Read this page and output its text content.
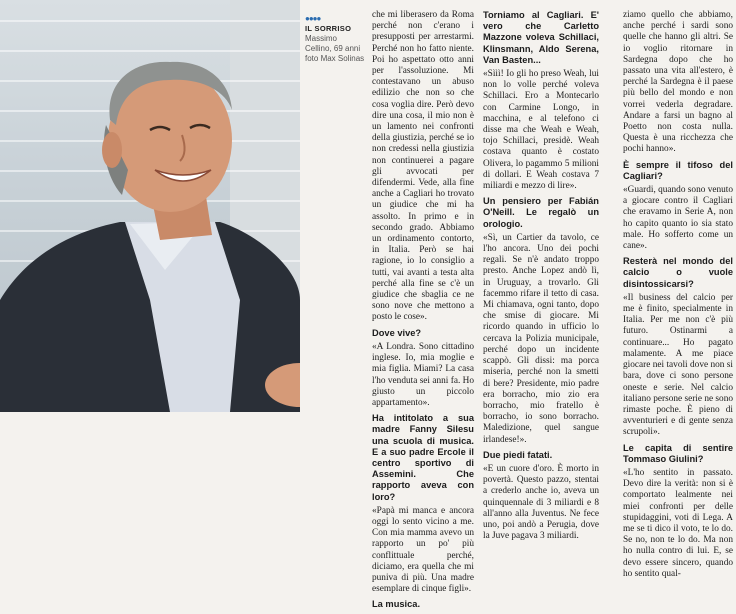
●●●●
IL SORRISO
Massimo Cellino, 69 anni foto Max Solinas

che mi liberasero da Roma perché non c'erano i presupposti per arrestarmi. Perché non ho fatto niente. Poi ho aspettato otto anni per l'assoluzione. Mi contestavano un abuso edilizio che non so che cosa voglia dire. Però devo dire una cosa, il mio non è un lamento nei confronti della giustizia, perché se io non credessi nella giustizia non continuerei a pagare gli avvocati per difendermi. Vede, alla fine anche a Cagliari ho trovato un giudice che mi ha assolto. In primo e in secondo grado. Abbiamo un ordinamento contorto, in Italia. Però se hai ragione, io lo consiglio a tutti, vai avanti a testa alta perché alla fine se c'è un giudice che sbaglia ce ne sono nove che mettono a posto le cose».

Dove vive?

«A Londra. Sono cittadino inglese. Io, mia moglie e mia figlia. Miami? La casa l'ho venduta sei anni fa. Ho giusto un piccolo appartamento».

Ha intitolato a sua madre Fanny Silesu una scuola di musica. E a suo padre Ercole il centro sportivo di Assemini. Che rapporto aveva con loro?

«Papà mi manca e ancora oggi lo sento vicino a me. Con mia mamma avevo un rapporto un po' più conflittuale perché, diciamo, era quella che mi puniva di più. Una madre esemplare di cinque figli».

La musica.
Torniamo al Cagliari. E' vero che Carletto Mazzone voleva Schillaci, Klinsmann, Aldo Serena, Van Basten...

«Sììì! Io gli ho preso Weah, lui non lo volle perché voleva Schillaci. Ero a Montecarlo con Carmine Longo, in macchina, e al telefono ci disse ma che Weah e Weah, tojo Schillaci, presidè. Weah costava quanto è costato Olivera, lo pagammo 5 milioni di dollari. E Weah costava 7 miliardi e mezzo di lire».

Un pensiero per Fabián O'Neill. Le regalò un orologio.

«Sì, un Cartier da tavolo, ce l'ho ancora. Uno dei pochi regali. Se n'è andato troppo presto. Anche Lopez andò lì, in Uruguay, a trovarlo. Gli facemmo rifare il tetto di casa. Mi chiamava, ogni tanto, dopo che smise di giocare. Mi ricordo quando in ufficio lo cercava la Polizia municipale, perché dopo un incidente scappò. Gli dissi: ma porca miseria, perché non la smetti di bere? Presidente, mio padre era borracho, mio zio era borracho, mio fratello è borracho, io sono borracho. Maledizione, quel sangue irlandese!».

Due piedi fatati.

«E un cuore d'oro. È morto in povertà. Questo pazzo, stentai a crederlo anche io, aveva un quinquennale di 3 miliardi e 8 all'anno alla Juventus. Ne fece uno, poi andò a Perugia, dove la Juve pagava 3 miliardi.

ziamo quello che abbiamo, anche perché i sardi sono quelle che hanno gli altri. Se io voglio ritornare in Sardegna dopo che ho passato una vita all'estero, è perché la Sardegna è il paese più bello del mondo e non vorrei vederla degradare. Andare a farsi un bagno al Poetto non costa nulla. Questa è una ricchezza che pochi hanno».

È sempre il tifoso del Cagliari?

«Guardi, quando sono venuto a giocare contro il Cagliari che eravamo in Serie A, non ho capito quanto io sia stato male. Ho sofferto come un cane».

Resterà nel mondo del calcio o vuole disintossicarsi?

«Il business del calcio per me è finito, specialmente in Italia. Per me non c'è più futuro. Ostinarmi a continuare... Ho pagato malamente. A me piace giocare nei tavoli dove non si bara, dove ci sono persone oneste e serie. Nel calcio italiano persone serie ne sono rimaste poche. È pieno di avventurieri e di gente senza scrupoli».

Le capita di sentire Tommaso Giulini?

«L'ho sentito in passato. Devo dire la verità: non si è comportato lealmente nei miei confronti per delle stupidaggini, voti di Lega. A me se ti dico il voto, te lo do. Se no, non te lo do. Ma non ho nulla contro di lui. E, se devo essere sincero, quando ho sentito qual-
